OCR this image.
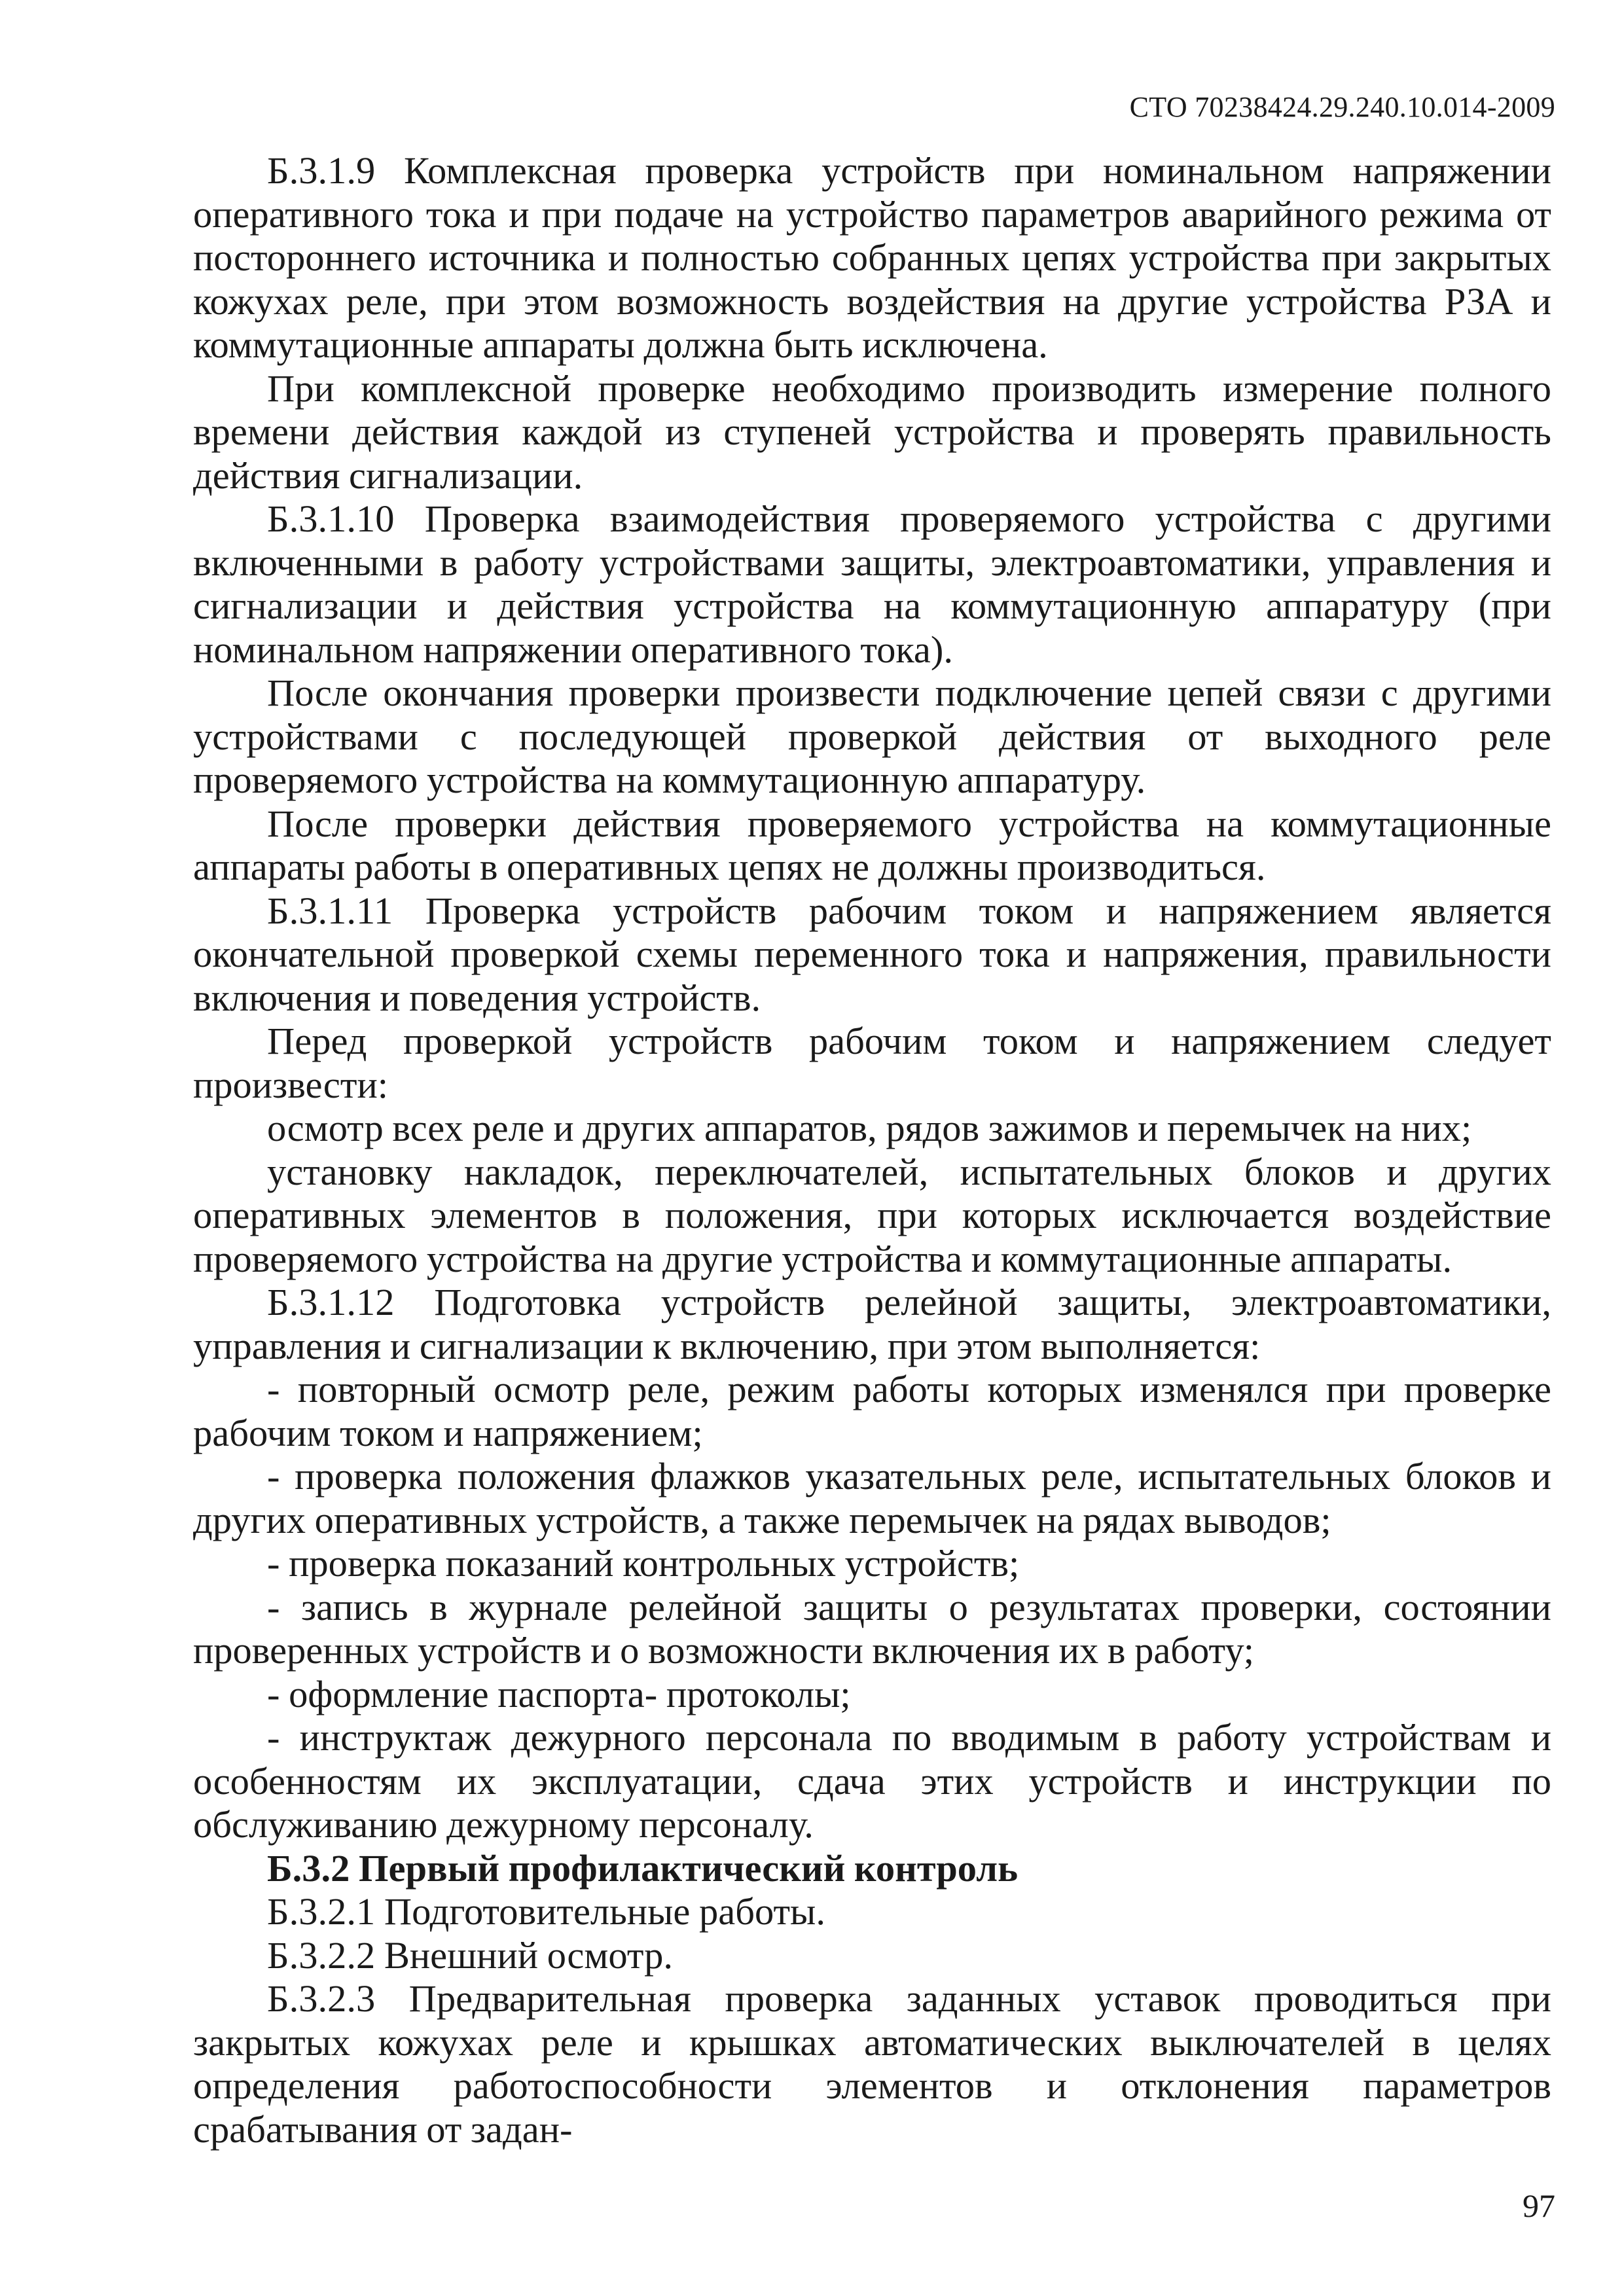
СТО 70238424.29.240.10.014-2009

Б.3.1.9 Комплексная проверка устройств при номинальном напряжении оперативного тока и при подаче на устройство параметров аварийного режима от постороннего источника и полностью собранных цепях устройства при закрытых кожухах реле, при этом возможность воздействия на другие устройства РЗА и коммутационные аппараты должна быть исключена.

При комплексной проверке необходимо производить измерение полного времени действия каждой из ступеней устройства и проверять правильность действия сигнализации.

Б.3.1.10 Проверка взаимодействия проверяемого устройства с другими включенными в работу устройствами защиты, электроавтоматики, управления и сигнализации и действия устройства на коммутационную аппаратуру (при номинальном напряжении оперативного тока).

После окончания проверки произвести подключение цепей связи с другими устройствами с последующей проверкой действия от выходного реле проверяемого устройства на коммутационную аппаратуру.

После проверки действия проверяемого устройства на коммутационные аппараты работы в оперативных цепях не должны производиться.

Б.3.1.11 Проверка устройств рабочим током и напряжением является окончательной проверкой схемы переменного тока и напряжения, правильности включения и поведения устройств.

Перед проверкой устройств рабочим током и напряжением следует произвести:

осмотр всех реле и других аппаратов, рядов зажимов и перемычек на них;

установку накладок, переключателей, испытательных блоков и других оперативных элементов в положения, при которых исключается воздействие проверяемого устройства на другие устройства и коммутационные аппараты.

Б.3.1.12 Подготовка устройств релейной защиты, электроавтоматики, управления и сигнализации к включению, при этом выполняется:

- повторный осмотр реле, режим работы которых изменялся при проверке рабочим током и напряжением;

- проверка положения флажков указательных реле, испытательных блоков и других оперативных устройств, а также перемычек на рядах выводов;

- проверка показаний контрольных устройств;

- запись в журнале релейной защиты о результатах проверки, состоянии проверенных устройств и о возможности включения их в работу;

- оформление паспорта- протоколы;

- инструктаж дежурного персонала по вводимым в работу устройствам и особенностям их эксплуатации, сдача этих устройств и инструкции по обслуживанию дежурному персоналу.

Б.3.2 Первый профилактический контроль

Б.3.2.1 Подготовительные работы.

Б.3.2.2 Внешний осмотр.

Б.3.2.3 Предварительная проверка заданных уставок проводиться при закрытых кожухах реле и крышках автоматических выключателей в целях определения работоспособности элементов и отклонения параметров срабатывания от задан-

97
